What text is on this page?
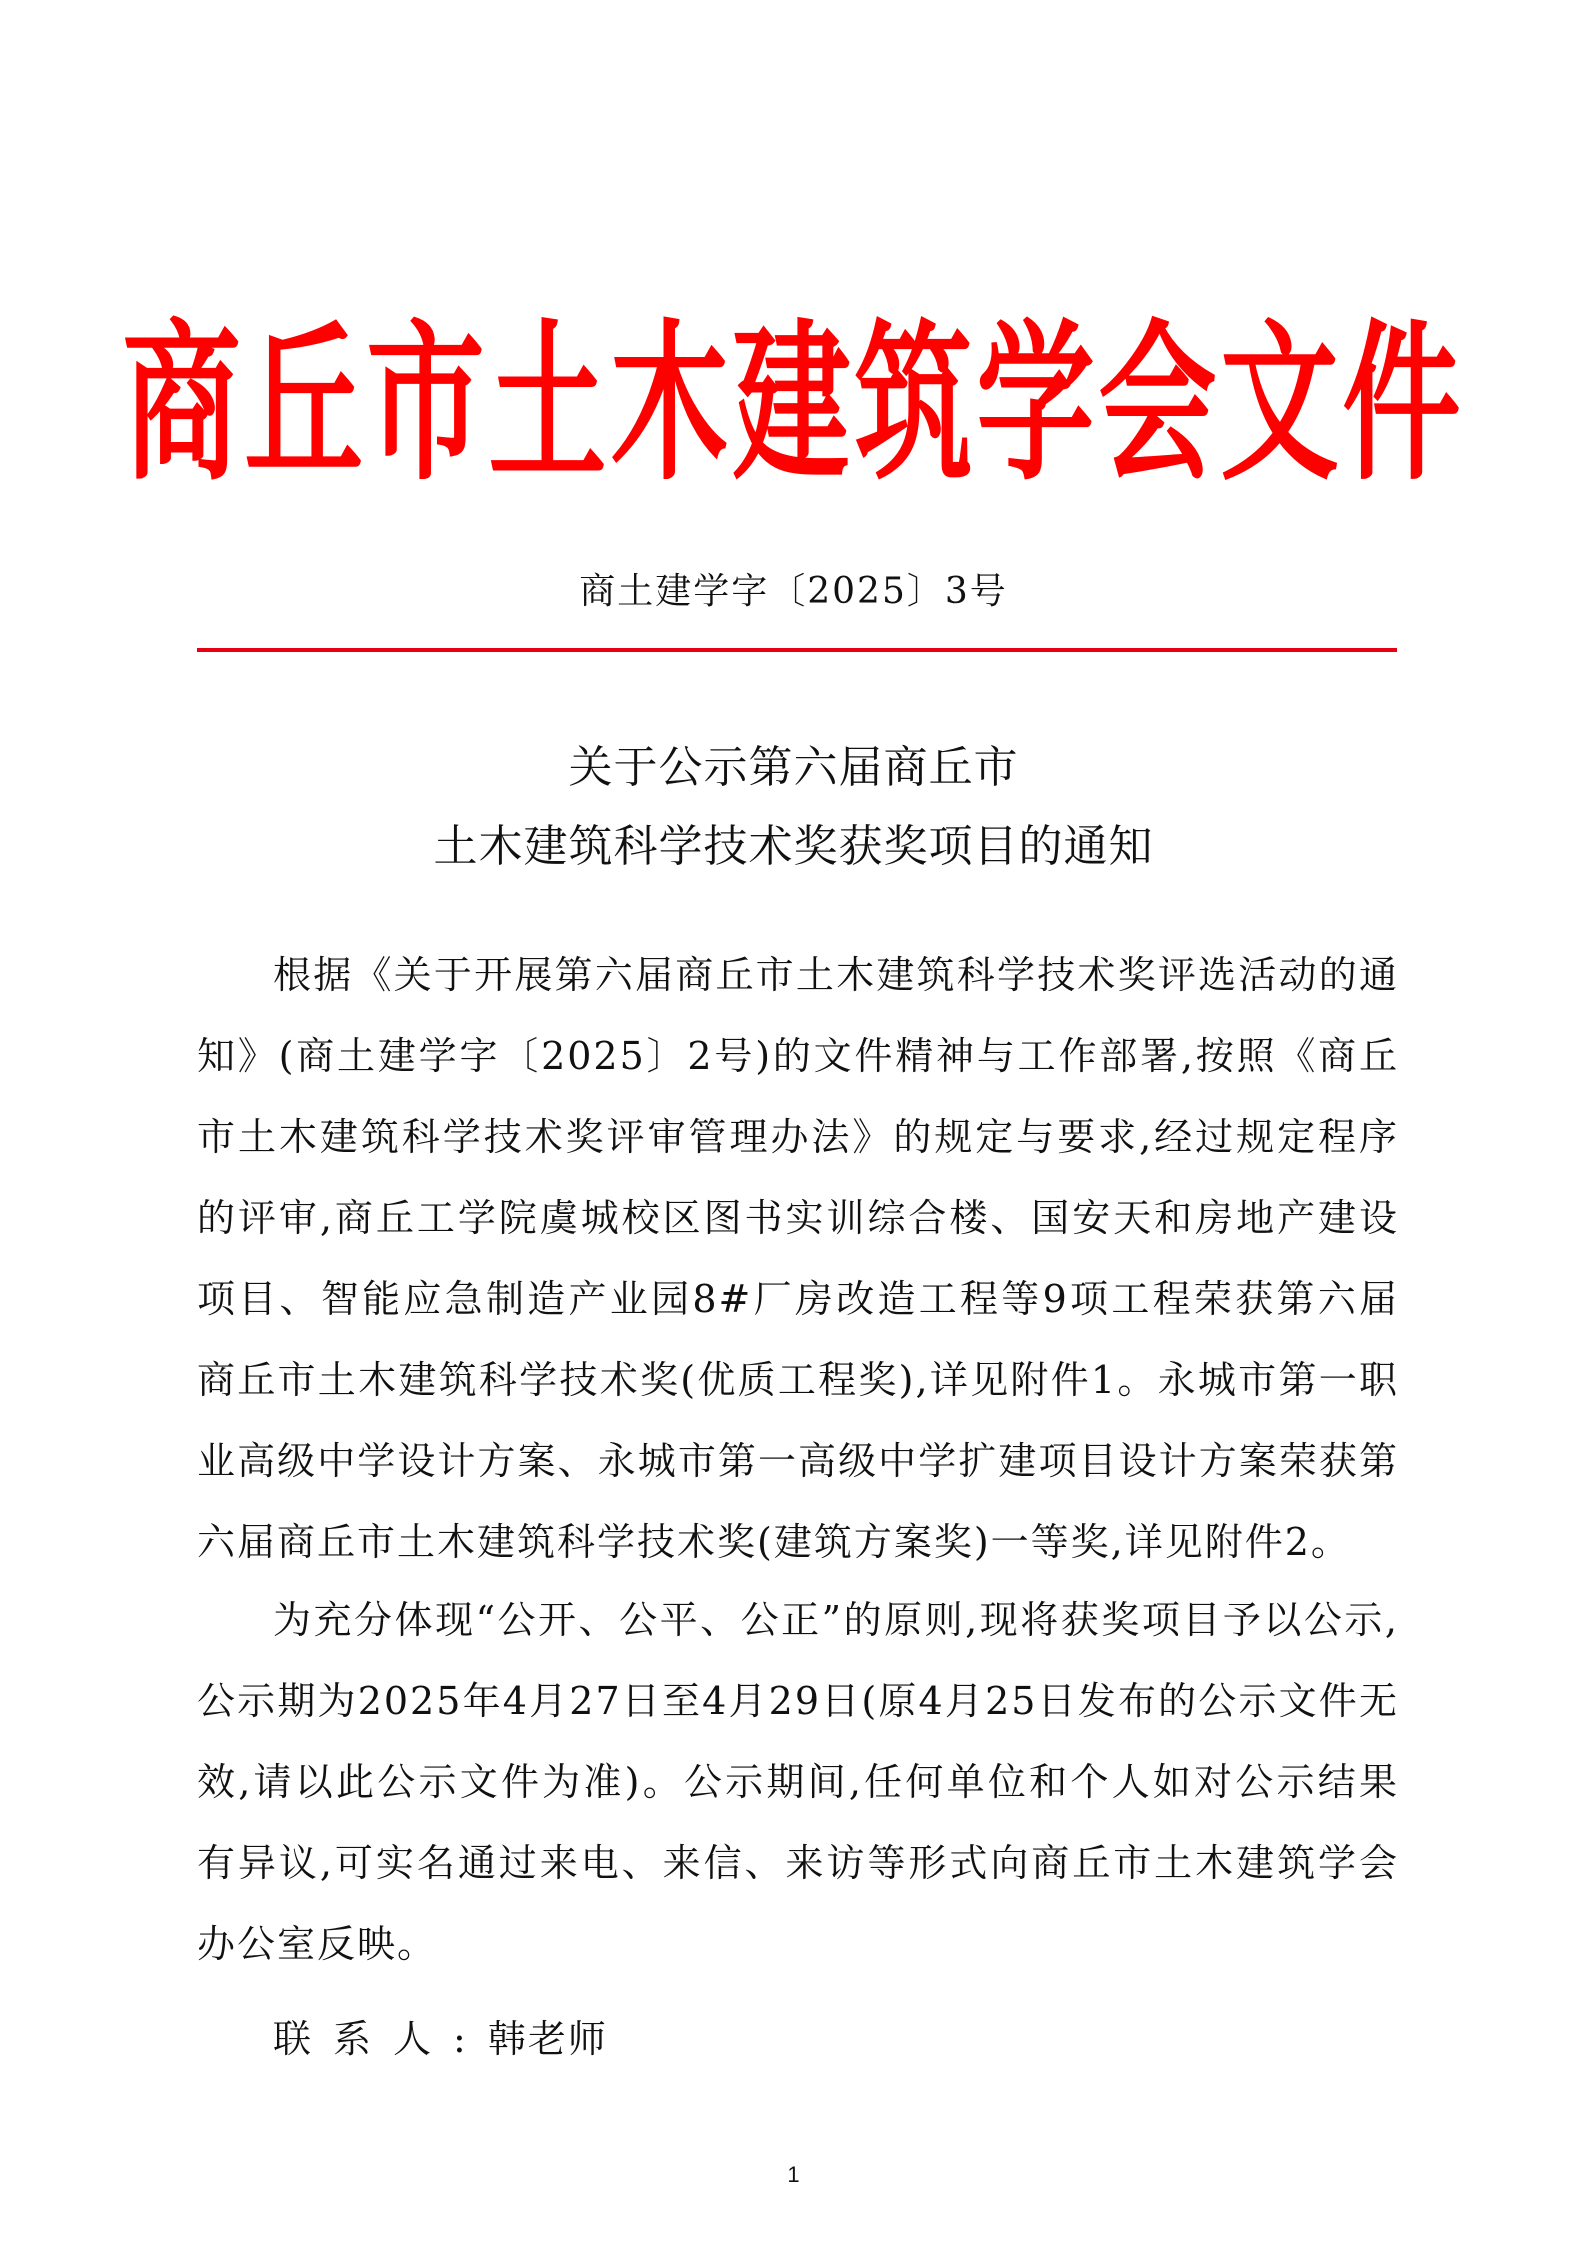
商丘市土木建筑学会文件
商土建学字〔2025〕3号
关于公示第六届商丘市
土木建筑科学技术奖获奖项目的通知
根据《关于开展第六届商丘市土木建筑科学技术奖评选活动的通知》(商土建学字〔2025〕2号)的文件精神与工作部署,按照《商丘市土木建筑科学技术奖评审管理办法》的规定与要求,经过规定程序的评审,商丘工学院虞城校区图书实训综合楼、国安天和房地产建设项目、智能应急制造产业园8#厂房改造工程等9项工程荣获第六届商丘市土木建筑科学技术奖(优质工程奖),详见附件1。永城市第一职业高级中学设计方案、永城市第一高级中学扩建项目设计方案荣获第六届商丘市土木建筑科学技术奖(建筑方案奖)一等奖,详见附件2。
为充分体现“公开、公平、公正”的原则,现将获奖项目予以公示,公示期为2025年4月27日至4月29日(原4月25日发布的公示文件无效,请以此公示文件为准)。公示期间,任何单位和个人如对公示结果有异议,可实名通过来电、来信、来访等形式向商丘市土木建筑学会办公室反映。
联系人:韩老师
1
